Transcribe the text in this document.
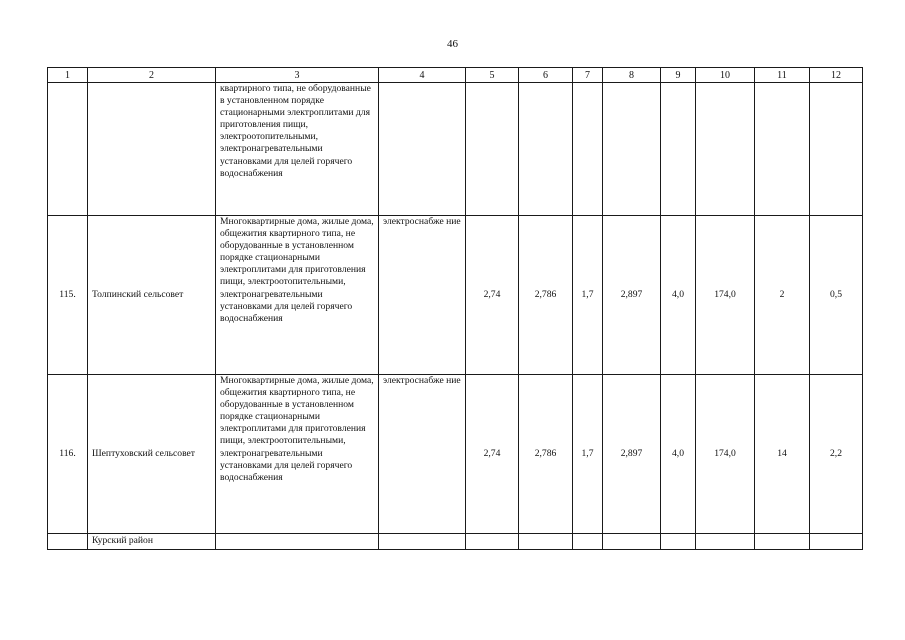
46
1	2	3	4	5	6	7	8	9	10	11	12
		квартирного типа, не оборудованные в установленном порядке стационарными электроплитами для приготовления пищи, электроотопительными, электронагревательными установками для целей горячего водоснабжения									
115.	Толпинский сельсовет	Многоквартирные дома, жилые дома, общежития квартирного типа, не оборудованные в установленном порядке стационарными электроплитами для приготовления пищи, электроотопительными, электронагревательными установками для целей горячего водоснабжения	электроснабже ние	2,74	2,786	1,7	2,897	4,0	174,0	2	0,5
116.	Шептуховский сельсовет	Многоквартирные дома, жилые дома, общежития квартирного типа, не оборудованные в установленном порядке стационарными электроплитами для приготовления пищи, электроотопительными, электронагревательными установками для целей горячего водоснабжения	электроснабже ние	2,74	2,786	1,7	2,897	4,0	174,0	14	2,2
	Курский район										
